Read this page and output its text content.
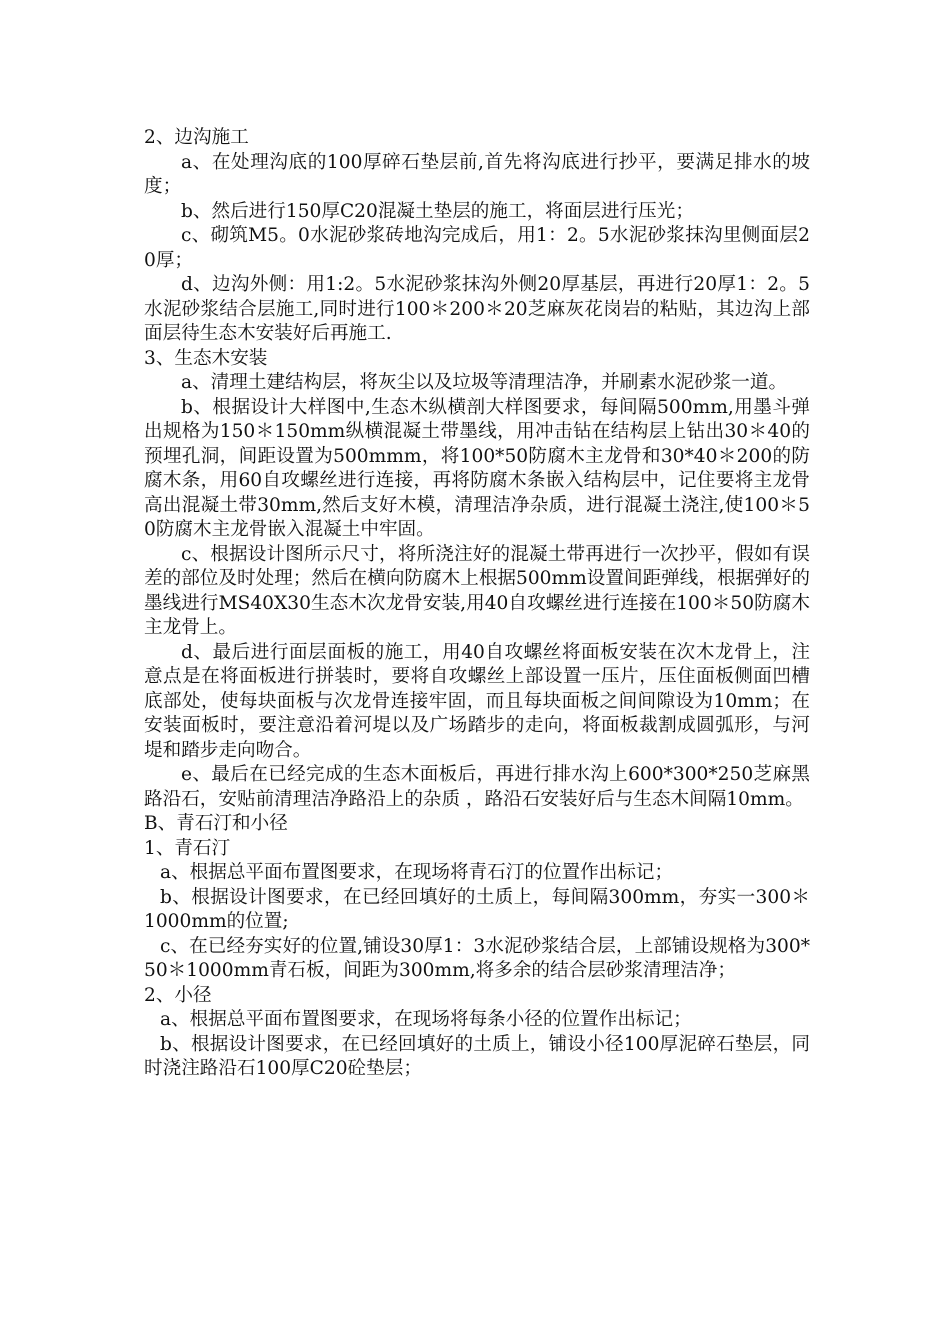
2、边沟施工

a、在处理沟底的100厚碎石垫层前,首先将沟底进行抄平，要满足排水的坡度；

b、然后进行150厚C20混凝土垫层的施工，将面层进行压光；

c、砌筑M5。0水泥砂浆砖地沟完成后，用1：2。5水泥砂浆抹沟里侧面层20厚；

d、边沟外侧：用1:2。5水泥砂浆抹沟外侧20厚基层，再进行20厚1：2。5水泥砂浆结合层施工,同时进行100＊200＊20芝麻灰花岗岩的粘贴，其边沟上部面层待生态木安装好后再施工.

3、生态木安装

a、清理土建结构层，将灰尘以及垃圾等清理洁净，并刷素水泥砂浆一道。

b、根据设计大样图中,生态木纵横剖大样图要求，每间隔500mm,用墨斗弹出规格为150＊150mm纵横混凝土带墨线，用冲击钻在结构层上钻出30＊40的预埋孔洞，间距设置为500mmm，将100*50防腐木主龙骨和30*40＊200的防腐木条，用60自攻螺丝进行连接，再将防腐木条嵌入结构层中，记住要将主龙骨高出混凝土带30mm,然后支好木模，清理洁净杂质，进行混凝土浇注,使100＊50防腐木主龙骨嵌入混凝土中牢固。

c、根据设计图所示尺寸，将所浇注好的混凝土带再进行一次抄平，假如有误差的部位及时处理；然后在横向防腐木上根据500mm设置间距弹线，根据弹好的墨线进行MS40X30生态木次龙骨安装,用40自攻螺丝进行连接在100＊50防腐木主龙骨上。

d、最后进行面层面板的施工，用40自攻螺丝将面板安装在次木龙骨上，注意点是在将面板进行拼装时，要将自攻螺丝上部设置一压片，压住面板侧面凹槽底部处，使每块面板与次龙骨连接牢固，而且每块面板之间间隙设为10mm；在安装面板时，要注意沿着河堤以及广场踏步的走向，将面板裁割成圆弧形，与河堤和踏步走向吻合。

e、最后在已经完成的生态木面板后，再进行排水沟上600*300*250芝麻黑路沿石，安贴前清理洁净路沿上的杂质 ，路沿石安装好后与生态木间隔10mm。

B、青石汀和小径

1、青石汀

a、根据总平面布置图要求，在现场将青石汀的位置作出标记；

b、根据设计图要求，在已经回填好的土质上，每间隔300mm，夯实一300＊1000mm的位置;

c、在已经夯实好的位置,铺设30厚1：3水泥砂浆结合层，上部铺设规格为300*50＊1000mm青石板，间距为300mm,将多余的结合层砂浆清理洁净；

2、小径

a、根据总平面布置图要求，在现场将每条小径的位置作出标记；

b、根据设计图要求，在已经回填好的土质上，铺设小径100厚泥碎石垫层，同时浇注路沿石100厚C20砼垫层；
